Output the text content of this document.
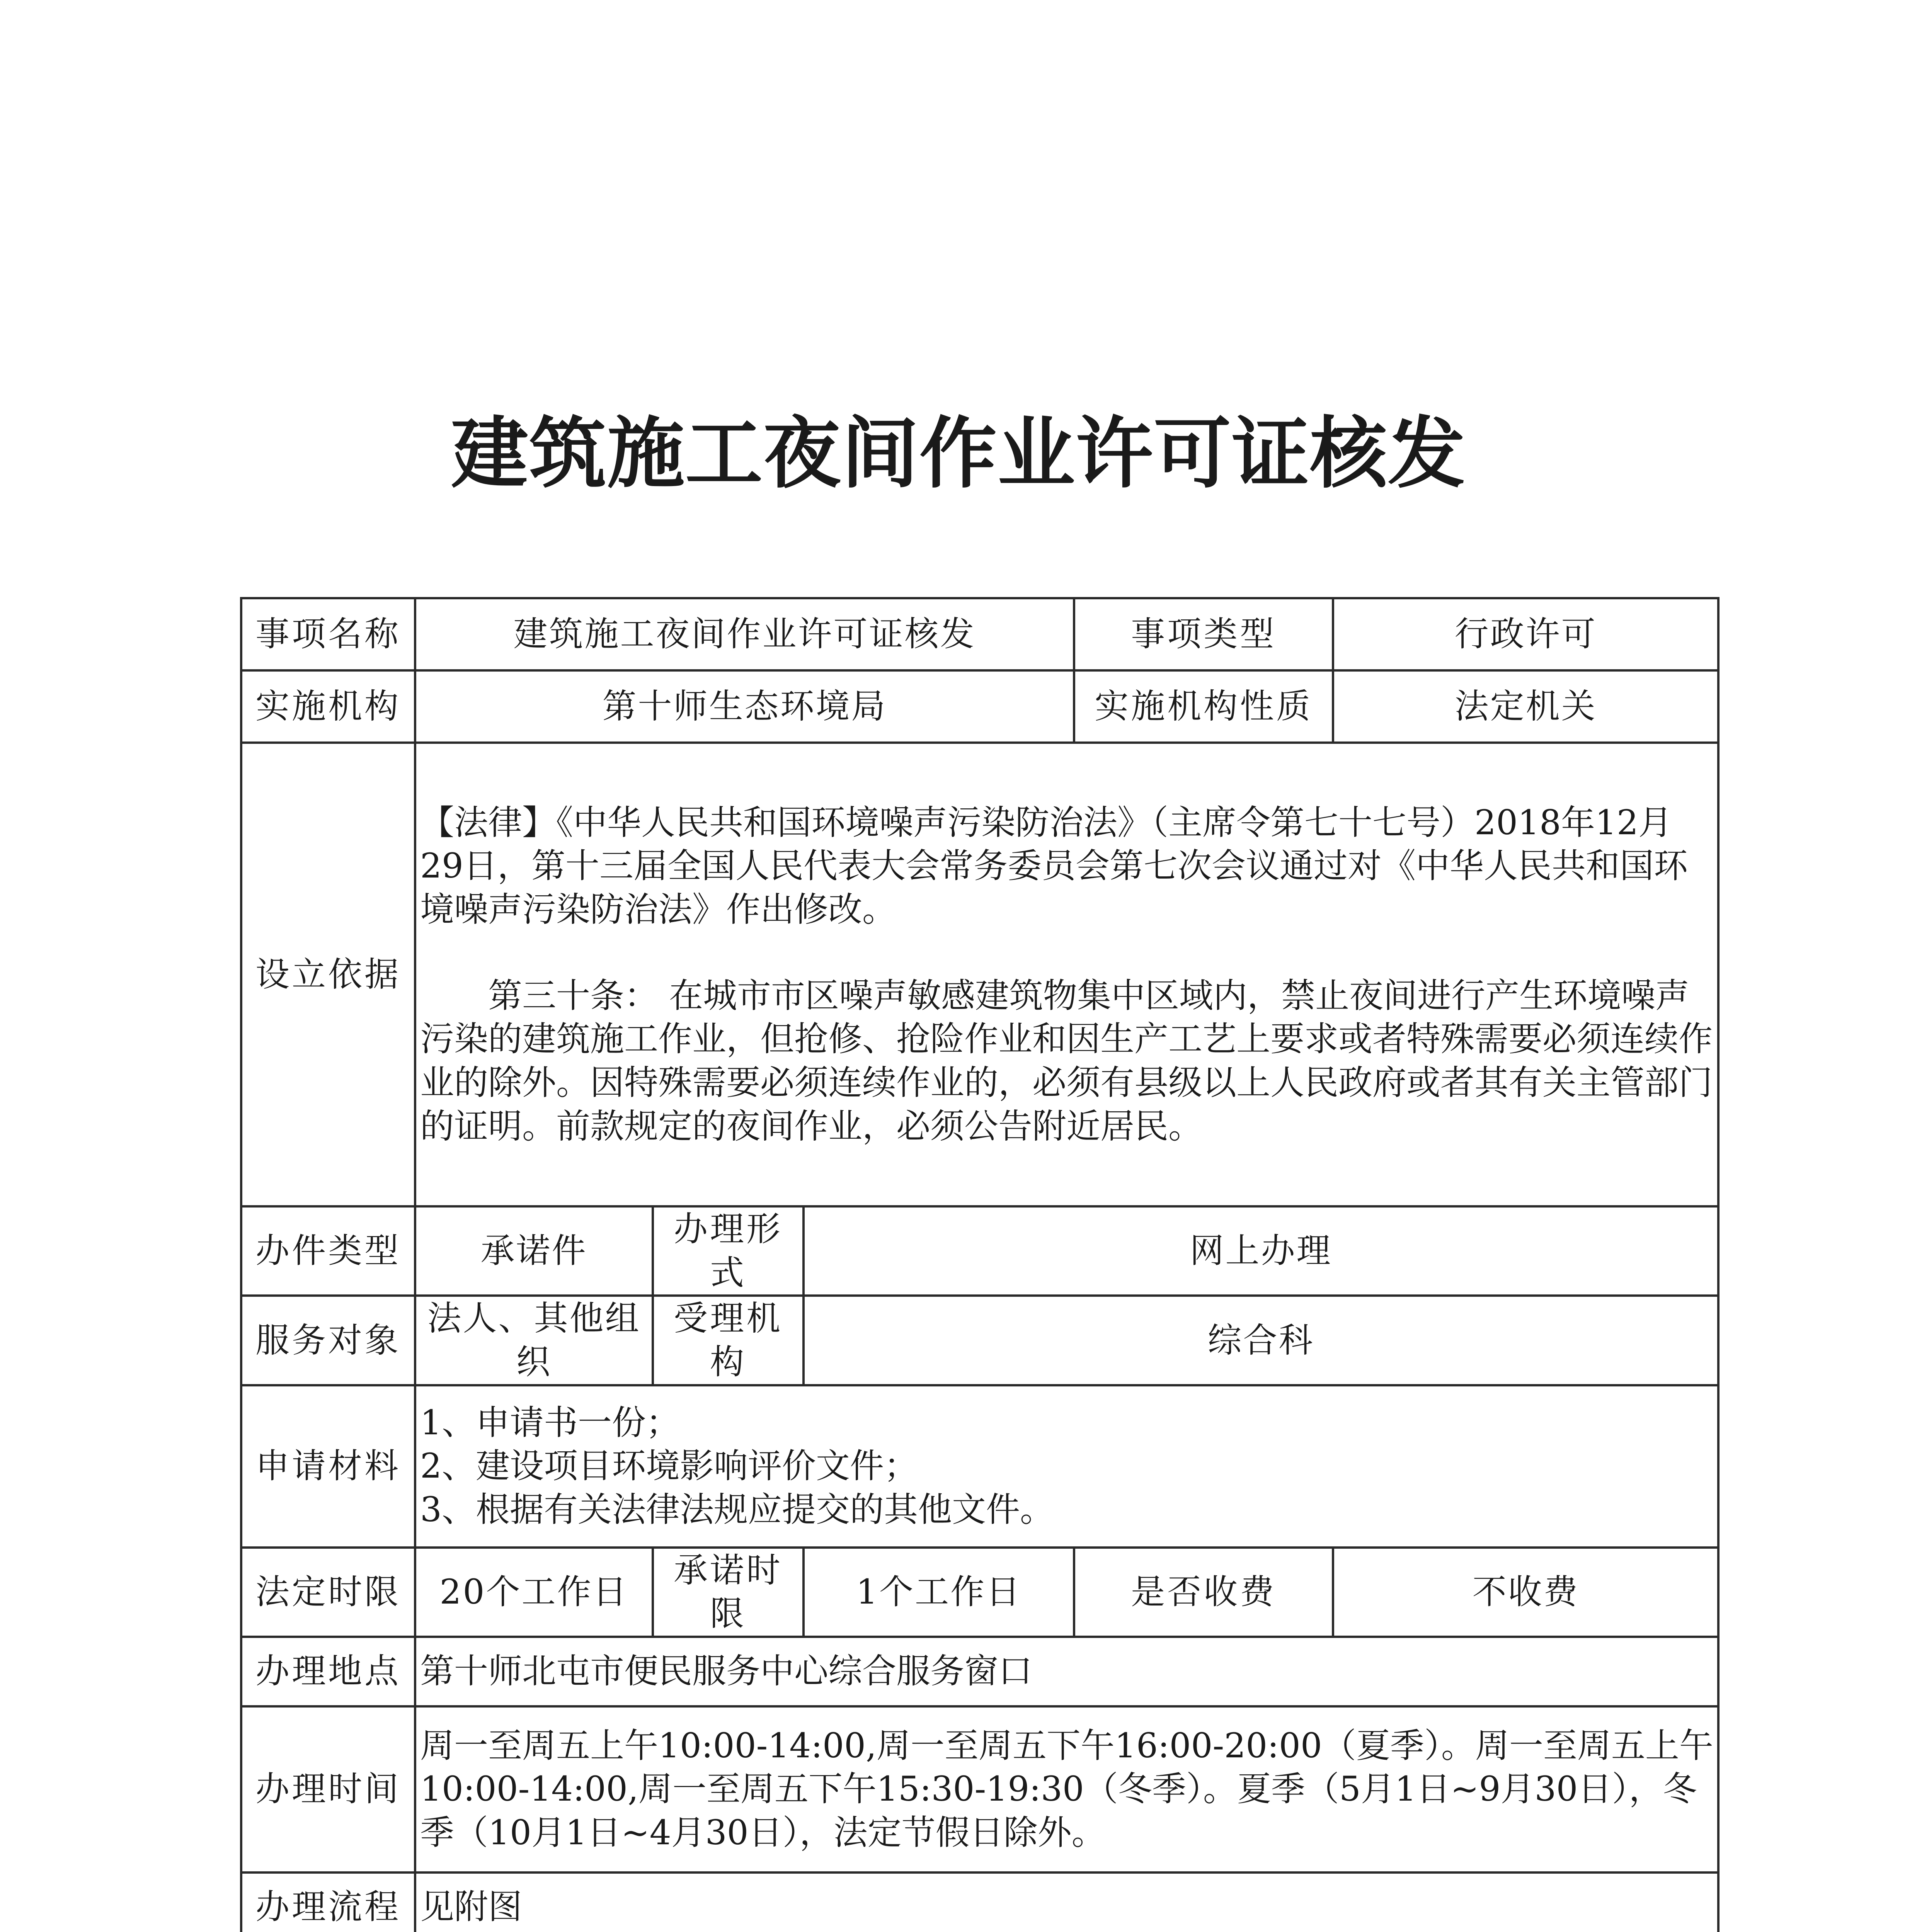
建筑施工夜间作业许可证核发
事项名称	建筑施工夜间作业许可证核发			事项类型	行政许可
实施机构	第十师生态环境局			实施机构性质	法定机关
设立依据	【法律】《中华人民共和国环境噪声污染防治法》（主席令第七十七号）2018年12月29日，第十三届全国人民代表大会常务委员会第七次会议通过对《中华人民共和国环境噪声污染防治法》作出修改。
第三十条： 在城市市区噪声敏感建筑物集中区域内，禁止夜间进行产生环境噪声污染的建筑施工作业，但抢修、抢险作业和因生产工艺上要求或者特殊需要必须连续作业的除外。因特殊需要必须连续作业的，必须有县级以上人民政府或者其有关主管部门的证明。前款规定的夜间作业，必须公告附近居民。				

办件类型	承诺件	办理形式	网上办理		
服务对象	法人、其他组织	受理机构	综合科		
申请材料	1、申请书一份；
2、建设项目环境影响评价文件；
3、根据有关法律法规应提交的其他文件。				

法定时限	20个工作日	承诺时限	1个工作日	是否收费	不收费
办理地点	第十师北屯市便民服务中心综合服务窗口				
办理时间	周一至周五上午10:00-14:00,周一至周五下午16:00-20:00（夏季）。周一至周五上午10:00-14:00,周一至周五下午15:30-19:30（冬季）。夏季（5月1日~9月30日），冬季（10月1日~4月30日），法定节假日除外。				
办理流程	见附图				
